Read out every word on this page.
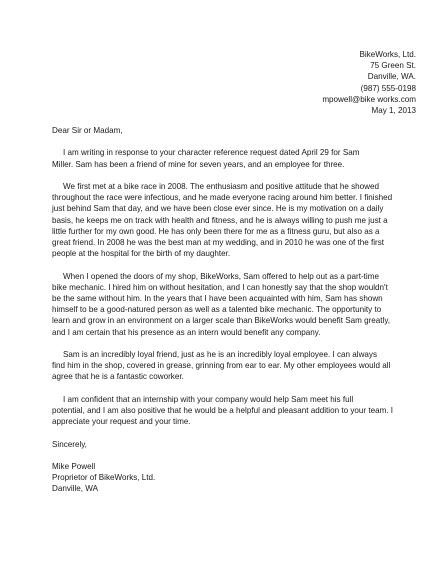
BikeWorks, Ltd.
75 Green St.
Danville, WA.
(987) 555-0198
mpowell@bike works.com
May 1, 2013
Dear Sir or Madam,
I am writing in response to your character reference request dated April 29 for Sam
Miller. Sam has been a friend of mine for seven years, and an employee for three.
We first met at a bike race in 2008. The enthusiasm and positive attitude that he showed
throughout the race were infectious, and he made everyone racing around him better. I finished
just behind Sam that day, and we have been close ever since. He is my motivation on a daily
basis, he keeps me on track with health and fitness, and he is always willing to push me just a
little further for my own good. He has only been there for me as a fitness guru, but also as a
great friend. In 2008 he was the best man at my wedding, and in 2010 he was one of the first
people at the hospital for the birth of my daughter.
When I opened the doors of my shop, BikeWorks, Sam offered to help out as a part-time
bike mechanic. I hired him on without hesitation, and I can honestly say that the shop wouldn't
be the same without him. In the years that I have been acquainted with him, Sam has shown
himself to be a good-natured person as well as a talented bike mechanic. The opportunity to
learn and grow in an environment on a larger scale than BikeWorks would benefit Sam greatly,
and I am certain that his presence as an intern would benefit any company.
Sam is an incredibly loyal friend, just as he is an incredibly loyal employee. I can always
find him in the shop, covered in grease, grinning from ear to ear. My other employees would all
agree that he is a fantastic coworker.
I am confident that an internship with your company would help Sam meet his full
potential, and I am also positive that he would be a helpful and pleasant addition to your team. I
appreciate your request and your time.
Sincerely,
Mike Powell
Proprietor of BikeWorks, Ltd.
Danville, WA
